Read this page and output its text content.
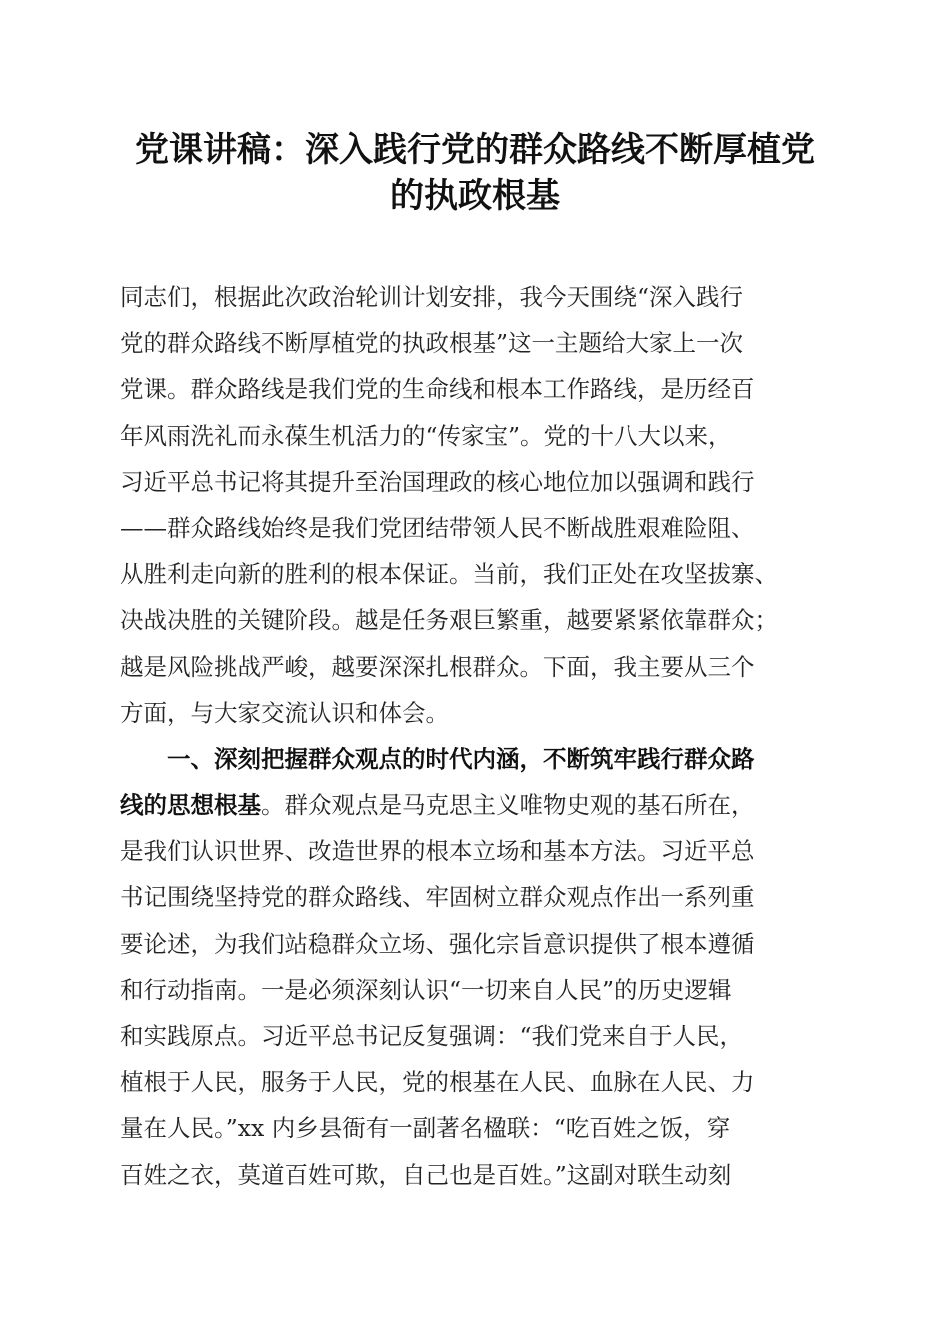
党课讲稿：深入践行党的群众路线不断厚植党
的执政根基
同志们，根据此次政治轮训计划安排，我今天围绕“深入践行
党的群众路线不断厚植党的执政根基”这一主题给大家上一次
党课。群众路线是我们党的生命线和根本工作路线，是历经百
年风雨洗礼而永葆生机活力的“传家宝”。党的十八大以来，
习近平总书记将其提升至治国理政的核心地位加以强调和践行
——群众路线始终是我们党团结带领人民不断战胜艰难险阻、
从胜利走向新的胜利的根本保证。当前，我们正处在攻坚拔寨、
决战决胜的关键阶段。越是任务艰巨繁重，越要紧紧依靠群众；
越是风险挑战严峻，越要深深扎根群众。下面，我主要从三个
方面，与大家交流认识和体会。
一、深刻把握群众观点的时代内涵，不断筑牢践行群众路
线的思想根基。群众观点是马克思主义唯物史观的基石所在，
是我们认识世界、改造世界的根本立场和基本方法。习近平总
书记围绕坚持党的群众路线、牢固树立群众观点作出一系列重
要论述，为我们站稳群众立场、强化宗旨意识提供了根本遵循
和行动指南。一是必须深刻认识“一切来自人民”的历史逻辑
和实践原点。习近平总书记反复强调：“我们党来自于人民，
植根于人民，服务于人民，党的根基在人民、血脉在人民、力
量在人民。”xx 内乡县衙有一副著名楹联：“吃百姓之饭，穿
百姓之衣，莫道百姓可欺，自己也是百姓。”这副对联生动刻
